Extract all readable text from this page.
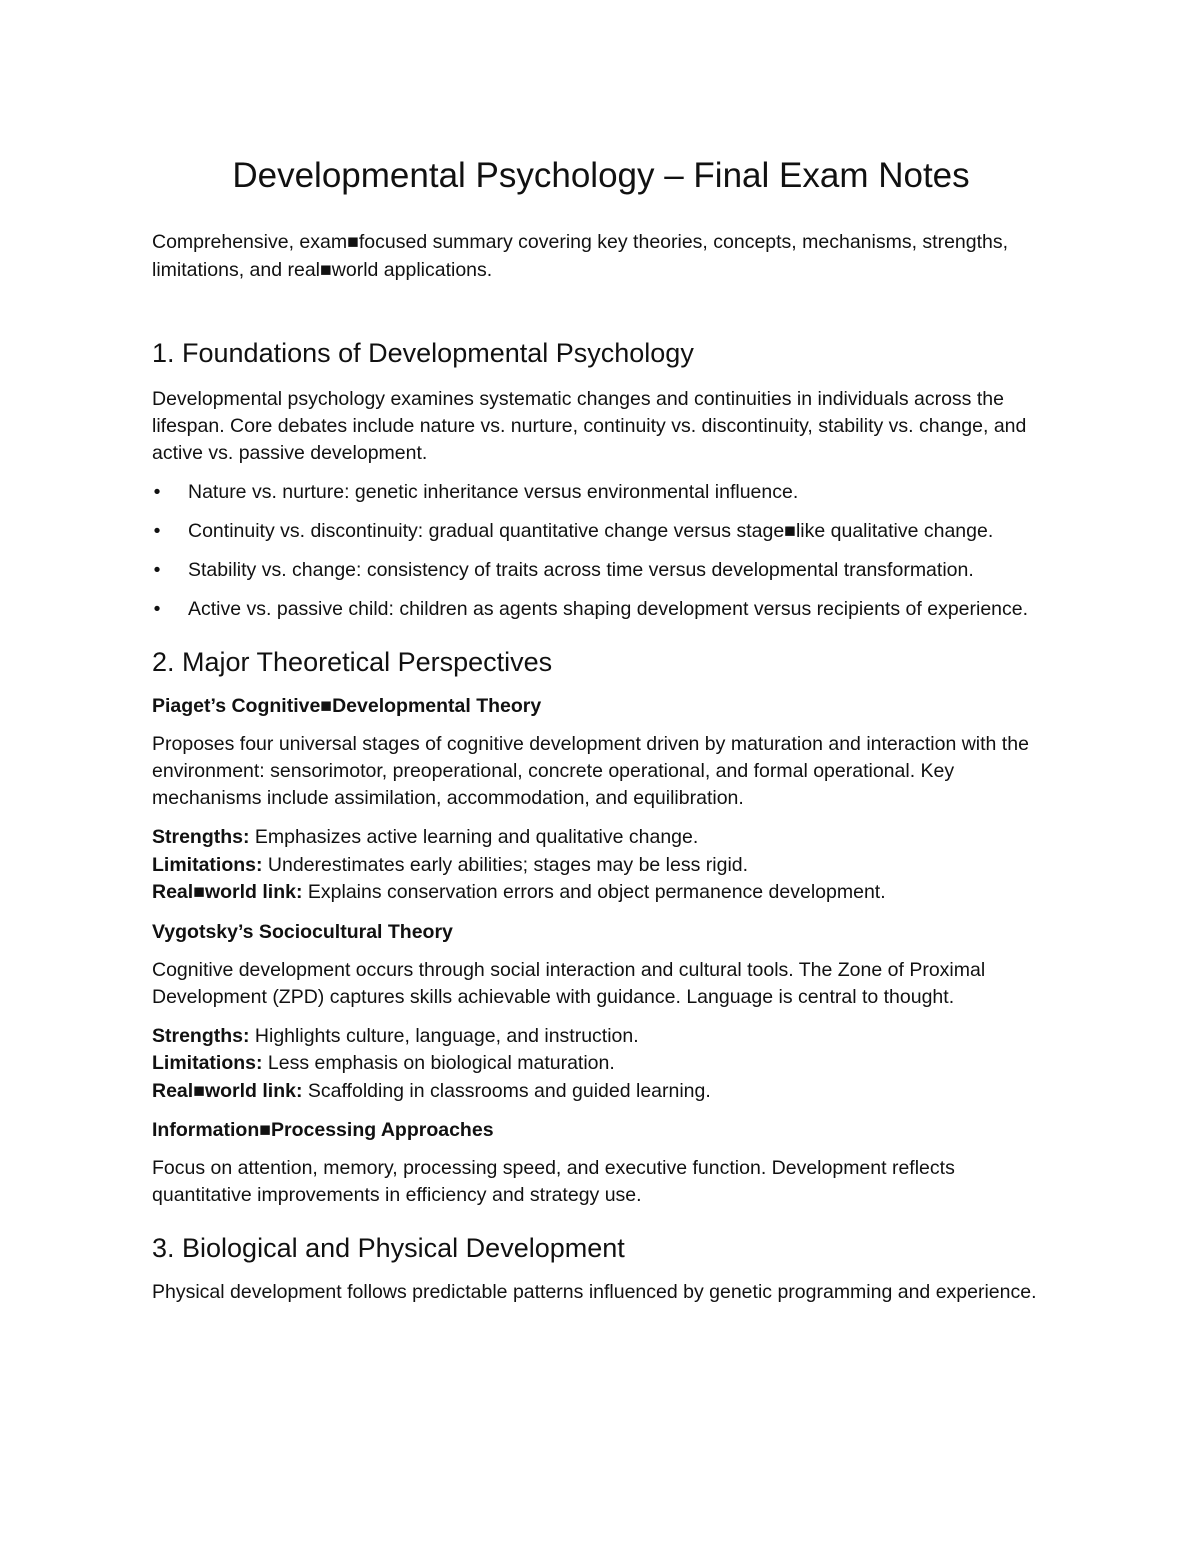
Developmental Psychology – Final Exam Notes

Comprehensive, exam■focused summary covering key theories, concepts, mechanisms, strengths, limitations, and real■world applications.

1. Foundations of Developmental Psychology

Developmental psychology examines systematic changes and continuities in individuals across the lifespan. Core debates include nature vs. nurture, continuity vs. discontinuity, stability vs. change, and active vs. passive development.

• Nature vs. nurture: genetic inheritance versus environmental influence.
• Continuity vs. discontinuity: gradual quantitative change versus stage■like qualitative change.
• Stability vs. change: consistency of traits across time versus developmental transformation.
• Active vs. passive child: children as agents shaping development versus recipients of experience.
2. Major Theoretical Perspectives
Piaget’s Cognitive■Developmental Theory

Proposes four universal stages of cognitive development driven by maturation and interaction with the environment: sensorimotor, preoperational, concrete operational, and formal operational. Key mechanisms include assimilation, accommodation, and equilibration.

Strengths: Emphasizes active learning and qualitative change.
Limitations: Underestimates early abilities; stages may be less rigid.
Real■world link: Explains conservation errors and object permanence development.
Vygotsky’s Sociocultural Theory

Cognitive development occurs through social interaction and cultural tools. The Zone of Proximal Development (ZPD) captures skills achievable with guidance. Language is central to thought.

Strengths: Highlights culture, language, and instruction.
Limitations: Less emphasis on biological maturation.
Real■world link: Scaffolding in classrooms and guided learning.
Information■Processing Approaches

Focus on attention, memory, processing speed, and executive function. Development reflects quantitative improvements in efficiency and strategy use.

3. Biological and Physical Development

Physical development follows predictable patterns influenced by genetic programming and experience.
